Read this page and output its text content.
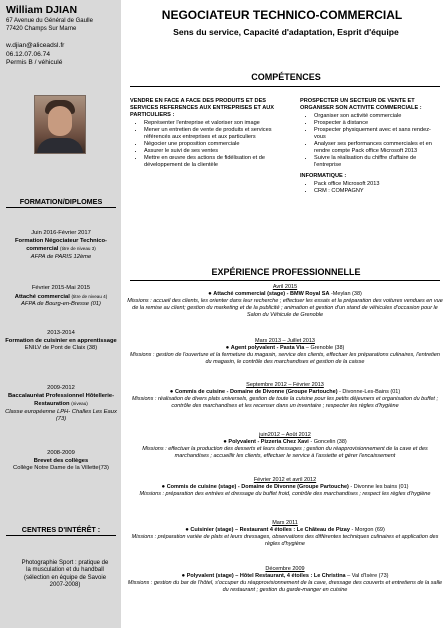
William DJIAN
67 Avenue du Général de Gaulle
77420 Champs Sur Marne
w.djian@aliceadsl.fr
06.12.07.06.74
Permis B / véhiculé
FORMATION/DIPLOMES
Juin 2016-Février 2017
Formation Négociateur Technico-commercial (titre de niveau 3)
AFPA de PARIS 12ème
Février 2015-Mai 2015
Attaché commercial (titre de niveau 4)
AFPA de Bourg-en-Bresse (01)
2013-2014
Formation de cuisinier en apprentissage
ENILV de Pont de Claix (38)
2009-2012
Baccalauréat Professionnel Hôtellerie-Restauration (niveau)
Classe européenne LPH- Challes Les Eaux (73)
2008-2009
Brevet des collèges
Collège Notre Dame de la Villette(73)
CENTRES D'INTÉRÊT :
Photographie Sport : pratique de la musculation et du handball (sélection en équipe de Savoie 2007-2008)
NEGOCIATEUR TECHNICO-COMMERCIAL
Sens du service, Capacité d'adaptation, Esprit d'équipe
COMPÉTENCES
VENDRE EN FACE A FACE DES PRODUITS ET DES SERVICES REFERENCES AUX ENTREPRISES ET AUX PARTICULIERS :
• Représenter l'entreprise et valoriser son image
• Mener un entretien de vente de produits et services référencés aux entreprises et aux particuliers
• Négocier une proposition commerciale
• Assurer le suivi de ses ventes
• Mettre en œuvre des actions de fidélisation et de développement de la clientèle
PROSPECTER UN SECTEUR DE VENTE ET ORGANISER SON ACTIVITE COMMERCIALE :
• Organiser son activité commerciale
• Prospecter à distance
• Prospecter physiquement avec et sans rendez-vous
• Analyser ses performances commerciales et en rendre compte Pack office Microsoft 2013
• Suivre la réalisation du chiffre d'affaire de l'entreprise
INFORMATIQUE :
• Pack office Microsoft 2013
• CRM : COMPAGNY
EXPÉRIENCE PROFESSIONNELLE
Avril 2015
● Attaché commercial (stage) - BMW Royal SA -Meylan (38)
Missions : accueil des clients, les orienter dans leur recherche ; effectuer les essais et la préparation des voitures vendues en vue de la remise au client; gestion du marketing et de la publicité ; animation et gestion d'un stand de véhicules d'occasion pour le Salon du Véhicule de Grenoble
Mars 2013 – Juillet 2013
● Agent polyvalent - Pasta Via – Grenoble (38)
Missions : gestion de l'ouverture et la fermeture du magasin, service des clients, effectuer les préparations culinaires, l'entretien du magasin, le contrôle des marchandises et gestion de la caisse
Septembre 2012 – Février 2013
● Commis de cuisine - Domaine de Divonne (Groupe Partouche) - Divonne-Les-Bains (01)
Missions : réalisation de divers plats universels, gestion de toute la cuisine pour les petits déjeuners et organisation du buffet ; contrôle des marchandises et les recenser dans un inventaire ; respecter les règles d'hygiène
juin2012 – Août 2012
● Polyvalent - Pizzeria Chez Xavi - Goncelin (38)
Missions : effectuer la production des desserts et leurs dressages ; gestion du réapprovisionnement de la cave et des marchandises ; accueillir les clients, effectuer le service à l'assiette et gérer l'encaissement
Février 2012 et avril 2012
● Commis de cuisine (stage) - Domaine de Divonne (Groupe Partouche) - Divonne les bains (01)
Missions : préparation des entrées et dressage du buffet froid, contrôle des marchandises ; respect les règles d'hygiène
Mars 2011
● Cuisinier (stage) – Restaurant 4 étoiles : Le Château de Pizay - Morgon (69)
Missions : préparation variée de plats et leurs dressages, observations des différentes techniques culinaires et application des règles d'hygiène
Décembre 2009
● Polyvalent (stage) – Hôtel Restaurant, 4 étoiles : Le Christina – Val d'Isère (73)
Missions : gestion du bar de l'hôtel, s'occuper du réapprovisionnement de la cave, dressage des couverts et entretiens de la salle du restaurant ; gestion du garde-manger en cuisine
